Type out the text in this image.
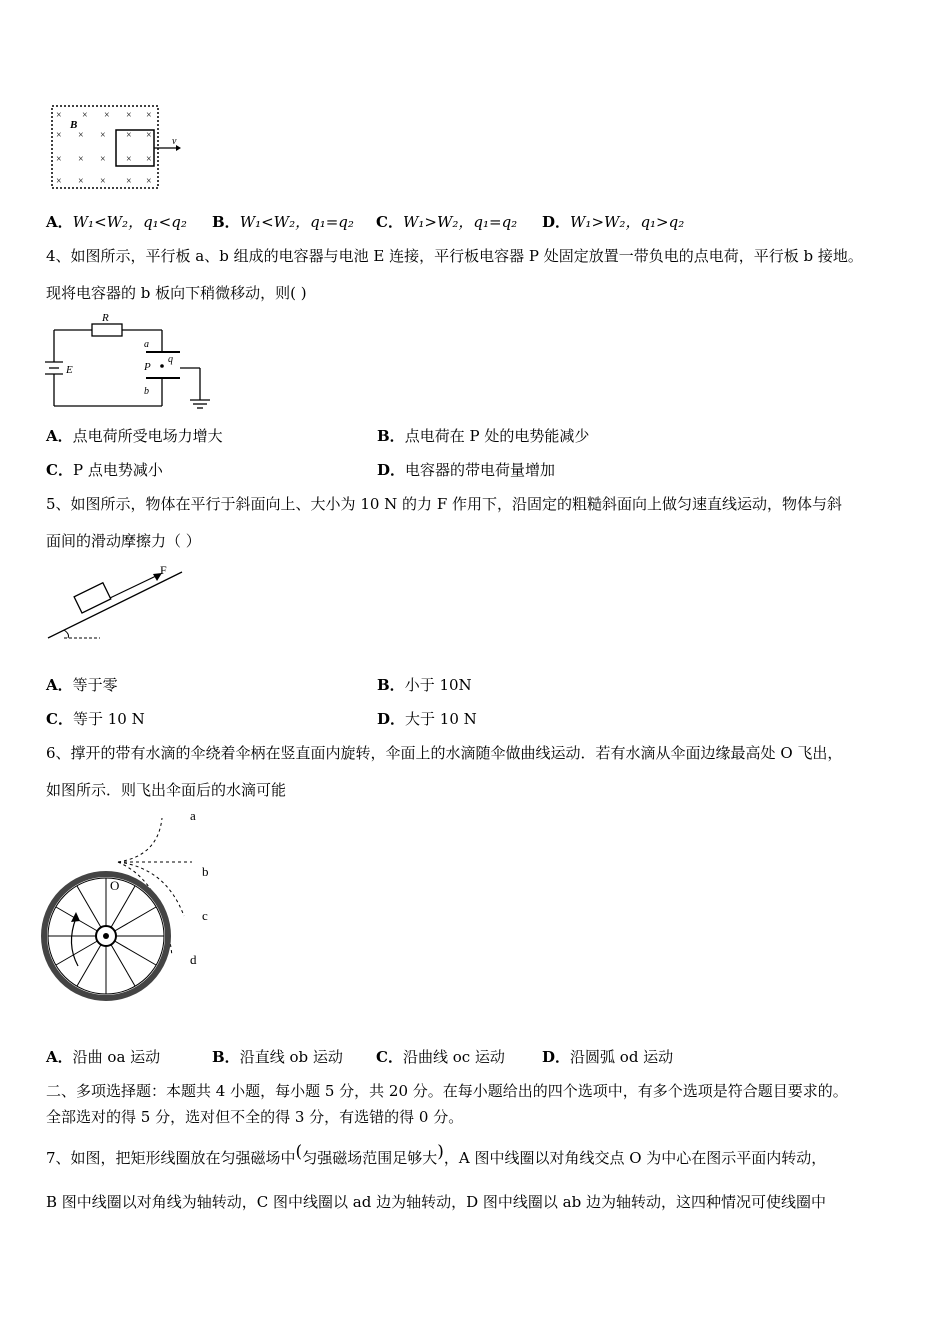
× × × × ×
× × × × ×
× × × × ×
× × × × ×
B
v
A．W₁<W₂，q₁<q₂ B．W₁<W₂，q₁=q₂ C．W₁>W₂，q₁=q₂ D．W₁>W₂，q₁>q₂
4、如图所示，平行板 a、b 组成的电容器与电池 E 连接，平行板电容器 P 处固定放置一带负电的点电荷，平行板 b 接地。
现将电容器的 b 板向下稍微移动，则( )
R
a
b
P
q
E
A．点电荷所受电场力增大	B．点电荷在 P 处的电势能减少
C．P 点电势减小	D．电容器的带电荷量增加
5、如图所示，物体在平行于斜面向上、大小为 10 N 的力 F 作用下，沿固定的粗糙斜面向上做匀速直线运动，物体与斜
面间的滑动摩擦力（ ）
F
A．等于零	B．小于 10N
C．等于 10 N	D．大于 10 N
6、撑开的带有水滴的伞绕着伞柄在竖直面内旋转，伞面上的水滴随伞做曲线运动．若有水滴从伞面边缘最高处 O 飞出，
如图所示．则飞出伞面后的水滴可能
a
b
c
d
O
A．沿曲 oa 运动	B．沿直线 ob 运动 C．沿曲线 oc 运动 D．沿圆弧 od 运动
二、多项选择题：本题共 4 小题，每小题 5 分，共 20 分。在每小题给出的四个选项中，有多个选项是符合题目要求的。
全部选对的得 5 分，选对但不全的得 3 分，有选错的得 0 分。
7、如图，把矩形线圈放在匀强磁场中(匀强磁场范围足够大)，A 图中线圈以对角线交点 O 为中心在图示平面内转动，
B 图中线圈以对角线为轴转动，C 图中线圈以 ad 边为轴转动，D 图中线圈以 ab 边为轴转动，这四种情况可使线圈中
